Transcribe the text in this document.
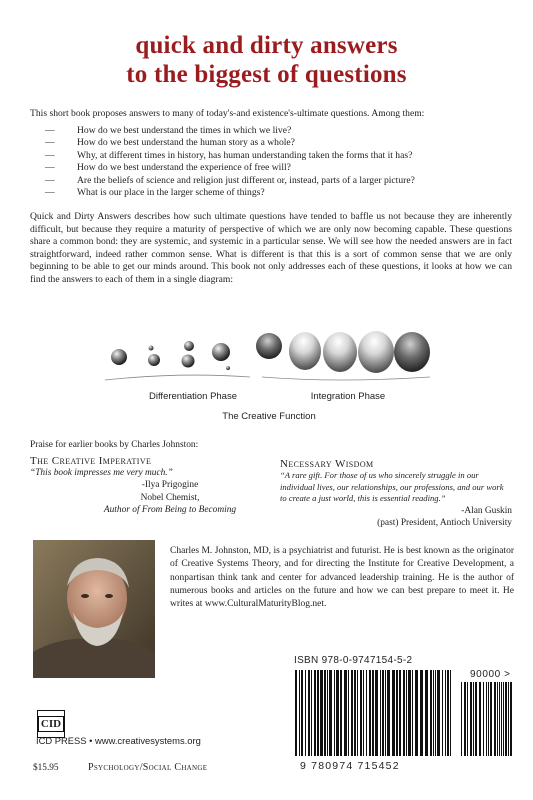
quick and dirty answers
to the biggest of questions

This short book proposes answers to many of today's-and existence's-ultimate questions. Among them:

—	How do we best understand the times in which we live?
—	How do we best understand the human story as a whole?
—	Why, at different times in history, has human understanding taken the forms that it has?
—	How do we best understand the experience of free will?
—	Are the beliefs of science and religion just different or, instead, parts of a larger picture?
—	What is our place in the larger scheme of things?

Quick and Dirty Answers describes how such ultimate questions have tended to baffle us not because they are inherently difficult, but because they require a maturity of perspective of which we are only now becoming capable. These questions share a common bond: they are systemic, and systemic in a particular sense. We will see how the needed answers are in fact straightforward, indeed rather common sense. What is different is that this is a sort of common sense that we are only beginning to be able to get our minds around. This book not only addresses each of these questions, it looks at how we can find the answers to each of them in a single diagram:

Differentiation Phase	Integration Phase
The Creative Function
Praise for earlier books by Charles Johnston:
The Creative Imperative
“This book impresses me very much.”
-Ilya Prigogine
Nobel Chemist,
Author of From Being to Becoming
Necessary Wisdom
“A rare gift. For those of us who sincerely struggle in our individual lives, our relationships, our professions, and our work to create a just world, this is essential reading.”
-Alan Guskin
(past) President, Antioch University

Charles M. Johnston, MD, is a psychiatrist and futurist. He is best known as the originator of Creative Systems Theory, and for directing the Institute for Creative Development, a nonpartisan think tank and center for advanced leadership training. He is the author of numerous books and articles on the future and how we can best prepare to meet it. He writes at www.CulturalMaturityBlog.net.

ISBN 978-0-9747154-5-2
90000 >
9 780974 715452
CID
ICD PRESS • www.creativesystems.org
$15.95	Psychology/Social Change
